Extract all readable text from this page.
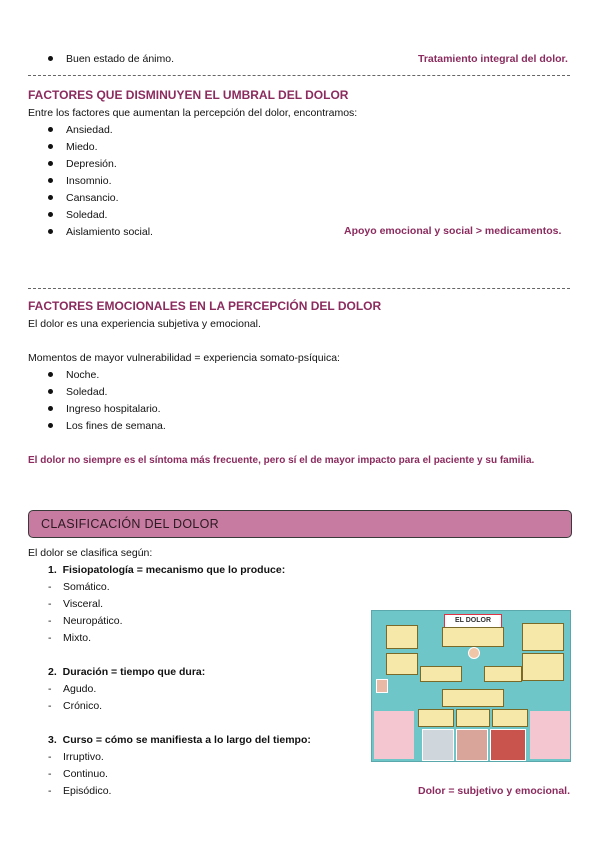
Buen estado de ánimo.	Tratamiento integral del dolor.
FACTORES QUE DISMINUYEN EL UMBRAL DEL DOLOR
Entre los factores que aumentan la percepción del dolor, encontramos:
Ansiedad.
Miedo.
Depresión.
Insomnio.
Cansancio.
Soledad.
Aislamiento social.	Apoyo emocional y social > medicamentos.
FACTORES EMOCIONALES EN LA PERCEPCIÓN DEL DOLOR
El dolor es una experiencia subjetiva y emocional.
Momentos de mayor vulnerabilidad = experiencia somato-psíquica:
Noche.
Soledad.
Ingreso hospitalario.
Los fines de semana.
El dolor no siempre es el síntoma más frecuente, pero sí el de mayor impacto para el paciente y su familia.
CLASIFICACIÓN DEL DOLOR
El dolor se clasifica según:
1. Fisiopatología = mecanismo que lo produce:
- Somático.
- Visceral.
- Neuropático.
- Mixto.
2. Duración = tiempo que dura:
- Agudo.
- Crónico.
3. Curso = cómo se manifiesta a lo largo del tiempo:
- Irruptivo.
- Continuo.
- Episódico.	Dolor = subjetivo y emocional.
EL DOLOR
